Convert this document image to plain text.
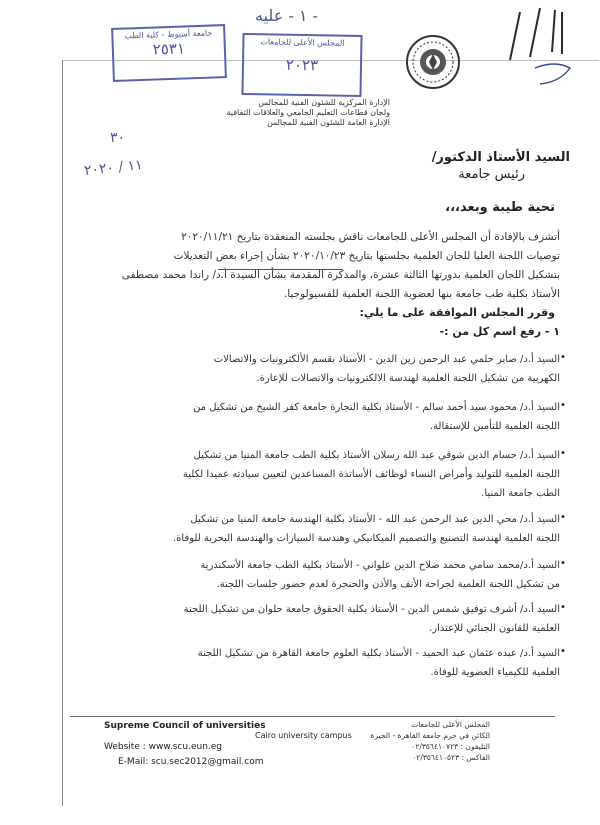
- ١ - عليه
جامعة أسيوط - كلية الطب
٢٥٣١	المجلس الأعلى للجامعات
٢٠٢٣
الإدارة المركزية للشئون الفنية للمجالس
ولجان قطاعات التعليم الجامعي والعلاقات الثقافية
الإدارة العامة للشئون الفنية للمجالس
٣٠
١١ / ٢٠٢٠	السيد الأستاذ الدكتور/
رئيس جامعة
تحية طيبة وبعد،،،
أتشرف بالإفادة أن المجلس الأعلى للجامعات ناقش بجلسته المنعقدة بتاريخ ٢٠٢٠/١١/٢١
توصيات اللجنة العليا للجان العلمية بجلستها بتاريخ ٢٠٢٠/١٠/٢٣ بشأن إجراء بعض التعديلات
بتشكيل اللجان العلمية بدورتها الثالثة عشرة، والمذكرة المقدمة بشأن السيدة أ.د/ راندا محمد مصطفى
الأستاذ بكلية طب جامعة بنها لعضوية اللجنة العلمية للفسيولوجيا.
وقرر المجلس الموافقة على ما يلي:
١ - رفع اسم كل من :-
•
السيد أ.د/ صابر حلمي عبد الرحمن زين الدين - الأستاذ بقسم الألكترونيات والاتصالات
الكهربية من تشكيل اللجنة العلمية لهندسة الالكترونيات والاتصالات للإعارة.
•
السيد أ.د/ محمود سيد أحمد سالم - الأستاذ بكلية التجارة جامعة كفر الشيخ من تشكيل من
اللجنة العلمية للتأمين للإستقالة.
•
السيد أ.د/ حسام الدين شوقي عبد الله رسلان الأستاذ بكلية الطب جامعة المنيا من تشكيل
اللجنة العلمية للتوليد وأمراض النساء لوظائف الأساتذة المساعدين لتعيين سيادته عميدا لكلية
الطب جامعة المنيا.
•
السيد أ.د/ محي الدين عبد الرحمن عبد الله - الأستاذ بكلية الهندسة جامعة المنيا من تشكيل
اللجنة العلمية لهندسة التصنيع والتصميم الميكانيكي وهندسة السيارات والهندسة البحرية للوفاة.
•
السيد أ.د/محمد سامي محمد صلاح الدين علواني - الأستاذ بكلية الطب جامعة الأسكندرية
من تشكيل اللجنة العلمية لجراحة الأنف والأذن والحنجرة لعدم حضور جلسات اللجنة.
•
السيد أ.د/ أشرف توفيق شمس الدين - الأستاذ بكلية الحقوق جامعة حلوان من تشكيل اللجنة
العلمية للقانون الجنائي للإعتذار.
•
السيد أ.د/ عبده عثمان عبد الحميد - الأستاذ بكلية العلوم جامعة القاهرة من تشكيل اللجنة
العلمية للكيمياء العضوية للوفاة.
Supreme Council of universities
Website : www.scu.eun.eg
E-Mail: scu.sec2012@gmail.com
Cairo university campus
المجلس الأعلى للجامعات
الكائن في حرم جامعة القاهرة - الجيزة
التليفون : ٠٢/٣٥٦٤١٠٧٢٣
الفاكس : ٠٢/٣٥٦٤١٠٥٢٣
